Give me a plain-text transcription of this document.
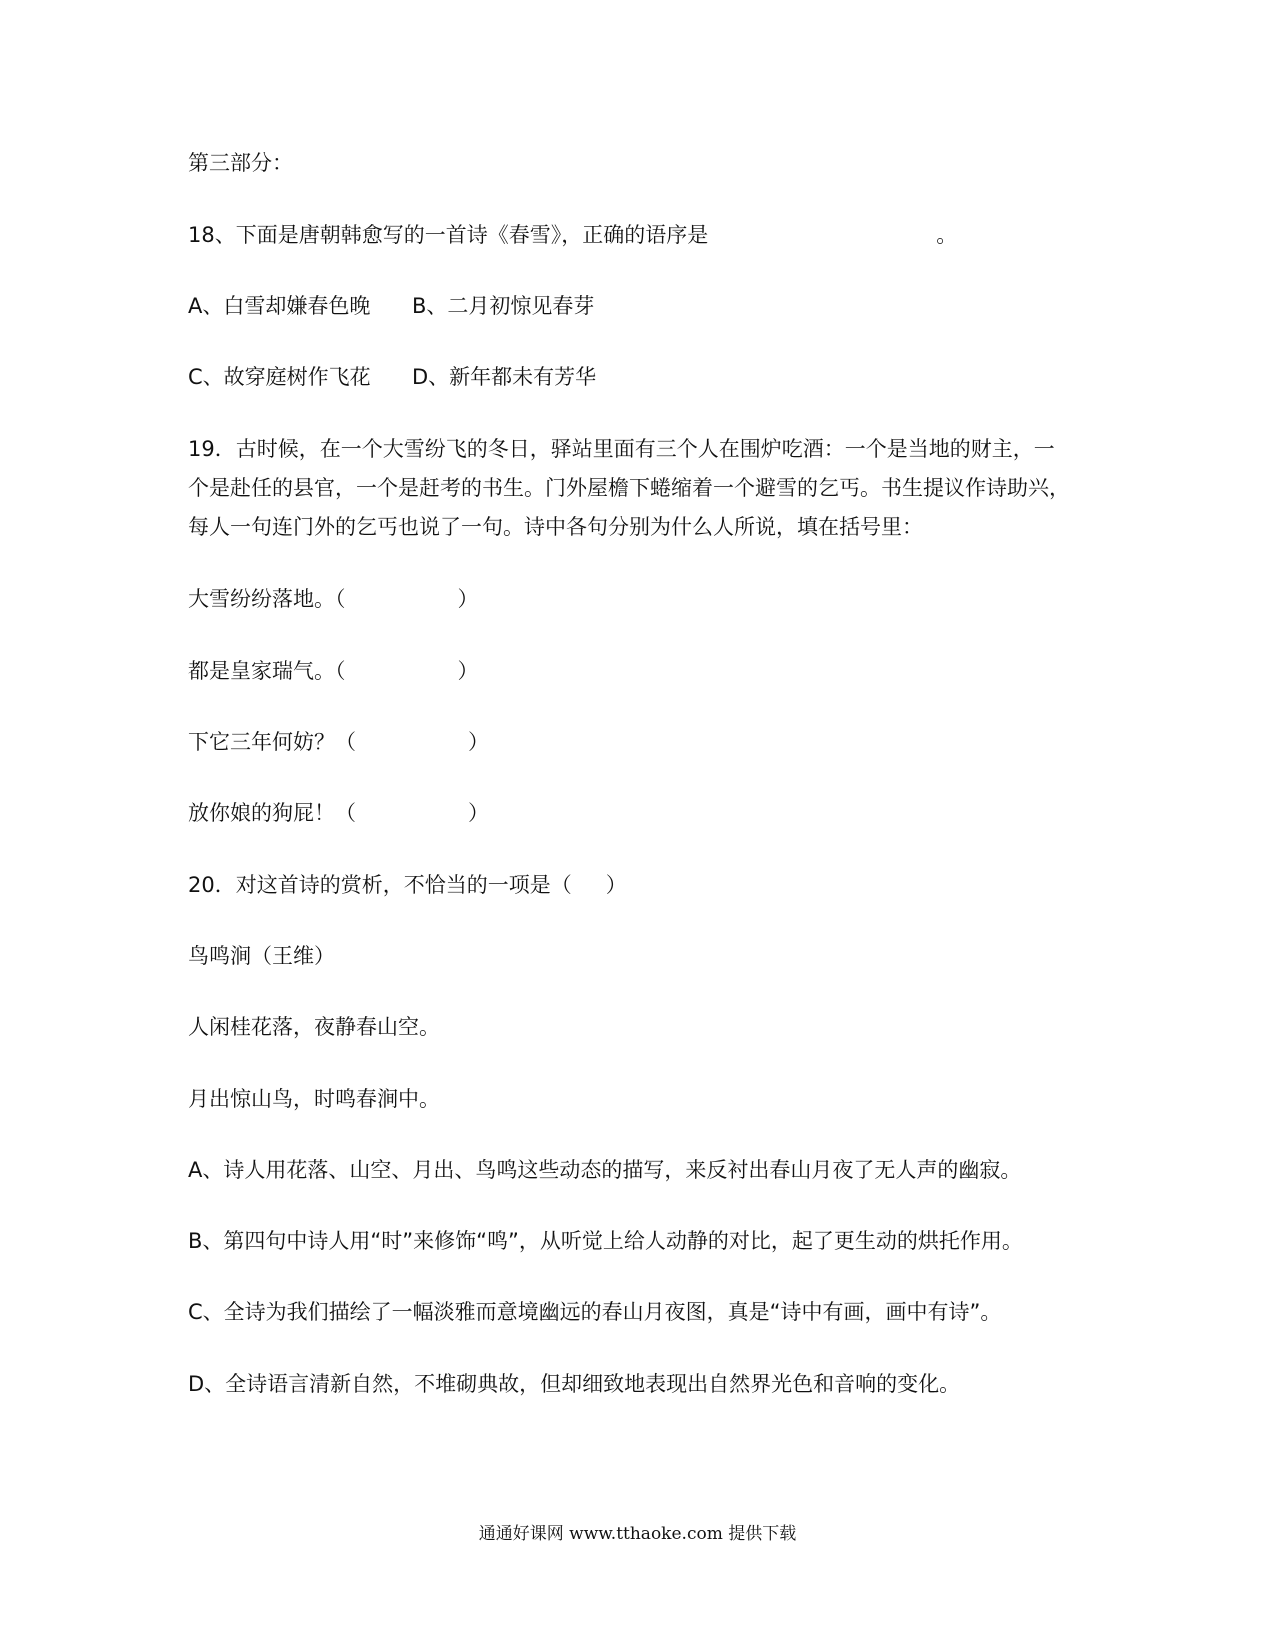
第三部分：
18、下面是唐朝韩愈写的一首诗《春雪》，正确的语序是	。
A、白雪却嫌春色晚 B、二月初惊见春芽
C、故穿庭树作飞花 D、新年都未有芳华
19．古时候，在一个大雪纷飞的冬日，驿站里面有三个人在围炉吃酒：一个是当地的财主，一
个是赴任的县官，一个是赶考的书生。门外屋檐下蜷缩着一个避雪的乞丐。书生提议作诗助兴，
每人一句连门外的乞丐也说了一句。诗中各句分别为什么人所说，填在括号里：
大雪纷纷落地。（	）
都是皇家瑞气。（	）
下它三年何妨？（	）
放你娘的狗屁！（	）
20．对这首诗的赏析，不恰当的一项是（ ）
鸟鸣涧（王维）
人闲桂花落，夜静春山空。
月出惊山鸟，时鸣春涧中。
A、诗人用花落、山空、月出、鸟鸣这些动态的描写，来反衬出春山月夜了无人声的幽寂。
B、第四句中诗人用“时”来修饰“鸣”，从听觉上给人动静的对比，起了更生动的烘托作用。
C、全诗为我们描绘了一幅淡雅而意境幽远的春山月夜图，真是“诗中有画，画中有诗”。
D、全诗语言清新自然，不堆砌典故，但却细致地表现出自然界光色和音响的变化。
通通好课网 www.tthaoke.com 提供下载
